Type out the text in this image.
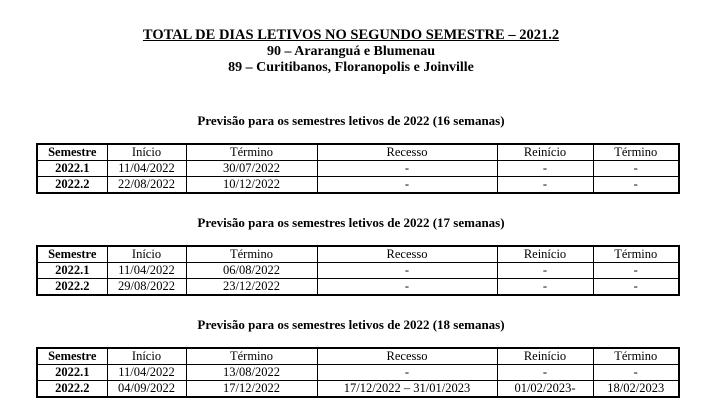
TOTAL DE DIAS LETIVOS NO SEGUNDO SEMESTRE – 2021.2
90 – Araranguá e Blumenau
89 – Curitibanos, Floranopolis e Joinville
Previsão para os semestres letivos de 2022 (16 semanas)
Semestre	Início	Término	Recesso	Reinício	Término
2022.1	11/04/2022	30/07/2022	-	-	-
2022.2	22/08/2022	10/12/2022	-	-	-
Previsão para os semestres letivos de 2022 (17 semanas)
Semestre	Início	Término	Recesso	Reinício	Término
2022.1	11/04/2022	06/08/2022	-	-	-
2022.2	29/08/2022	23/12/2022	-	-	-
Previsão para os semestres letivos de 2022 (18 semanas)
Semestre	Início	Término	Recesso	Reinício	Término
2022.1	11/04/2022	13/08/2022	-	-	-
2022.2	04/09/2022	17/12/2022	17/12/2022 – 31/01/2023	01/02/2023-	18/02/2023
